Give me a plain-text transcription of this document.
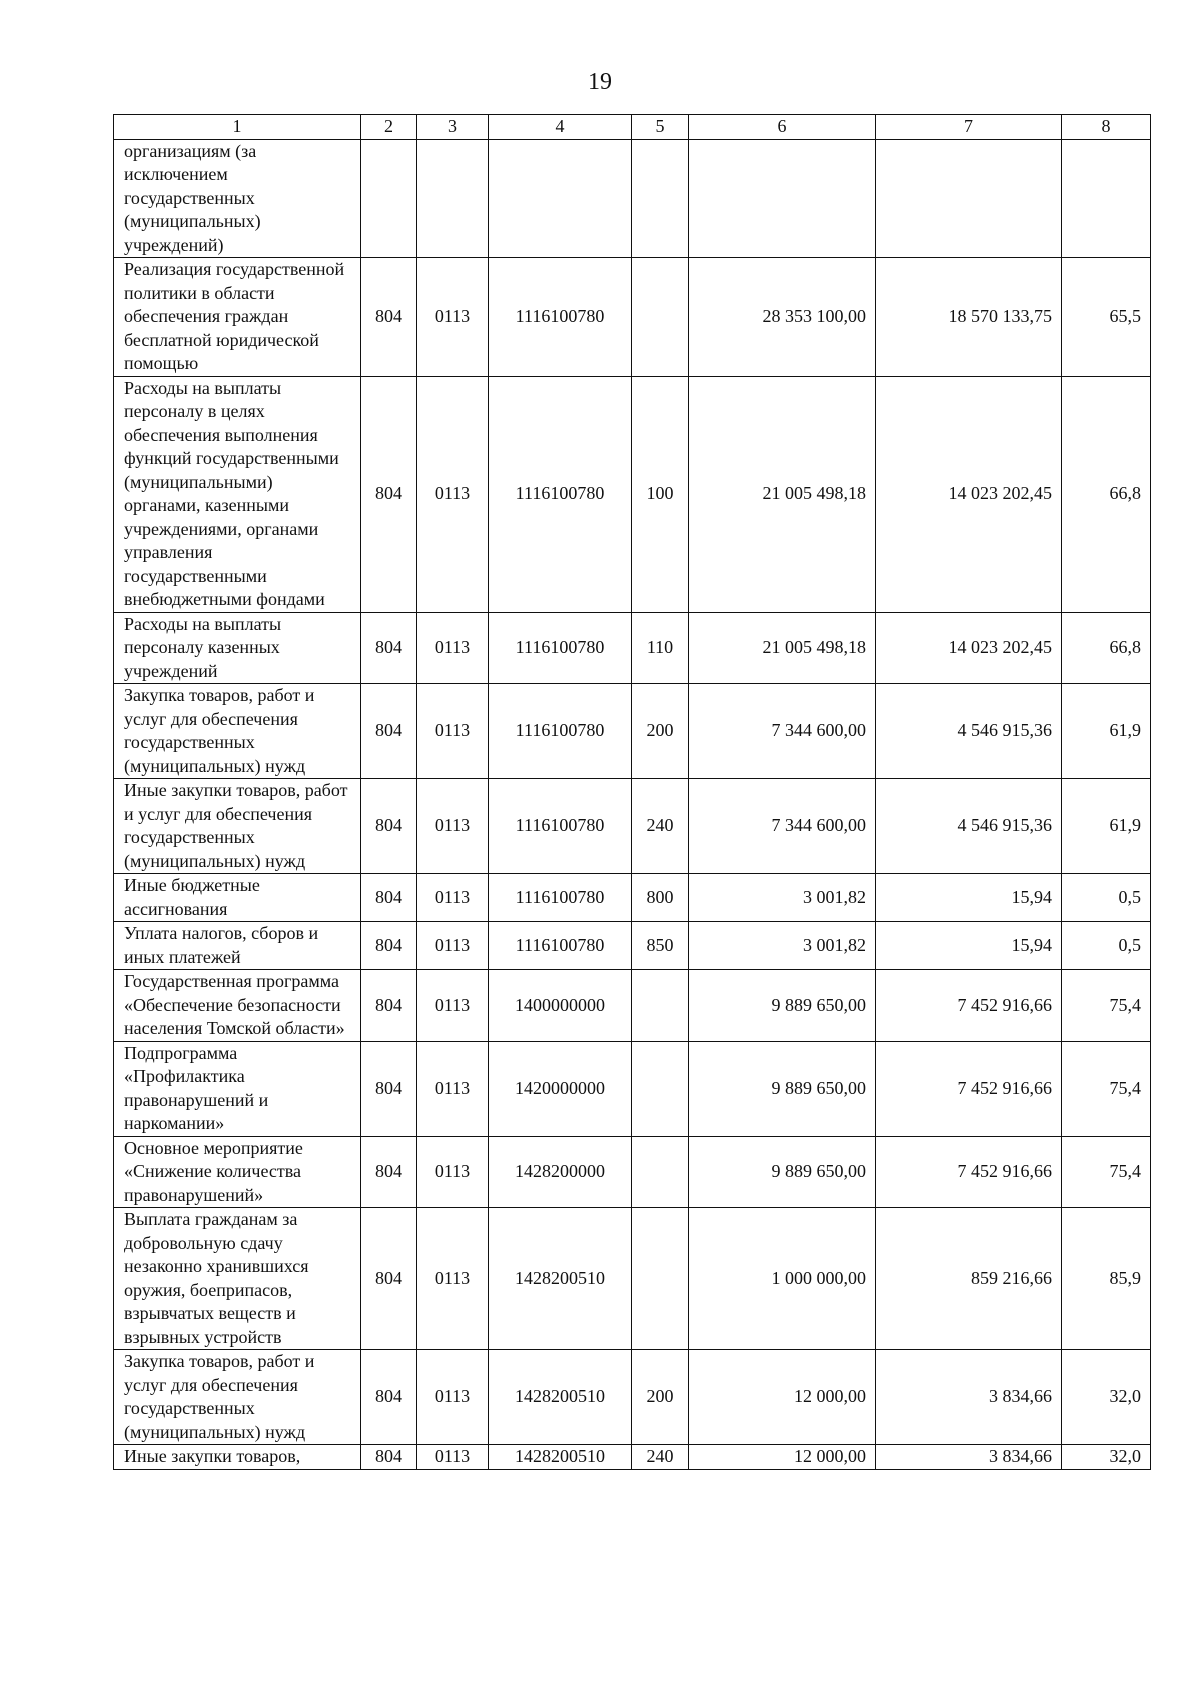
19
1	2	3	4	5	6	7	8
организациям (за исключением государственных (муниципальных) учреждений)							
Реализация государственной политики в области обеспечения граждан бесплатной юридической помощью	804	0113	1116100780		28 353 100,00	18 570 133,75	65,5
Расходы на выплаты персоналу в целях обеспечения выполнения функций государственными (муниципальными) органами, казенными учреждениями, органами управления государственными внебюджетными фондами	804	0113	1116100780	100	21 005 498,18	14 023 202,45	66,8
Расходы на выплаты персоналу казенных учреждений	804	0113	1116100780	110	21 005 498,18	14 023 202,45	66,8
Закупка товаров, работ и услуг для обеспечения государственных (муниципальных) нужд	804	0113	1116100780	200	7 344 600,00	4 546 915,36	61,9
Иные закупки товаров, работ и услуг для обеспечения государственных (муниципальных) нужд	804	0113	1116100780	240	7 344 600,00	4 546 915,36	61,9
Иные бюджетные ассигнования	804	0113	1116100780	800	3 001,82	15,94	0,5
Уплата налогов, сборов и иных платежей	804	0113	1116100780	850	3 001,82	15,94	0,5
Государственная программа «Обеспечение безопасности населения Томской области»	804	0113	1400000000		9 889 650,00	7 452 916,66	75,4
Подпрограмма «Профилактика правонарушений и наркомании»	804	0113	1420000000		9 889 650,00	7 452 916,66	75,4
Основное мероприятие «Снижение количества правонарушений»	804	0113	1428200000		9 889 650,00	7 452 916,66	75,4
Выплата гражданам за добровольную сдачу незаконно хранившихся оружия, боеприпасов, взрывчатых веществ и взрывных устройств	804	0113	1428200510		1 000 000,00	859 216,66	85,9
Закупка товаров, работ и услуг для обеспечения государственных (муниципальных) нужд	804	0113	1428200510	200	12 000,00	3 834,66	32,0
Иные закупки товаров,	804	0113	1428200510	240	12 000,00	3 834,66	32,0
